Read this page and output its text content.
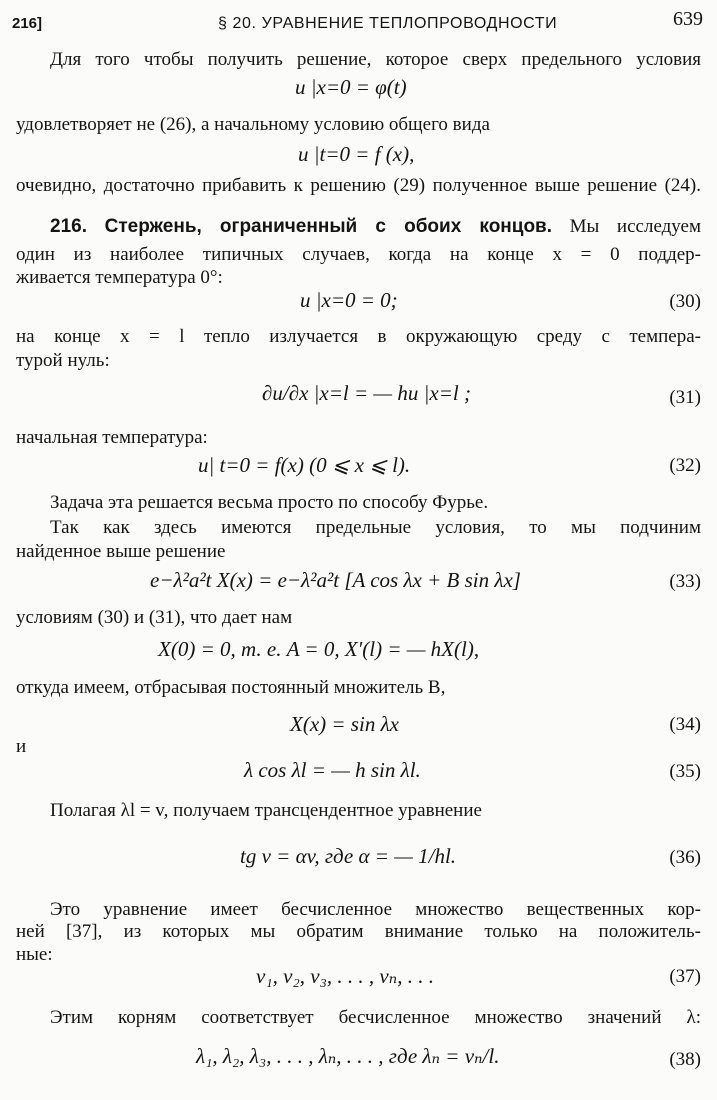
216]	§ 20. УРАВНЕНИЕ ТЕПЛОПРОВОДНОСТИ	639
Для того чтобы получить решение, которое сверх предельного условия
u |x=0 = φ(t)
удовлетворяет не (26), а начальному условию общего вида
u |t=0 = f (x),
очевидно, достаточно прибавить к решению (29) полученное выше решение (24).
216. Стержень, ограниченный с обоих концов. Мы исследуем
один из наиболее типичных случаев, когда на конце x = 0 поддер-
живается температура 0°:
u |x=0 = 0;	(30)
на конце x = l тепло излучается в окружающую среду с темпера-
турой нуль:
∂u/∂x |x=l = — hu |x=l ;	(31)
начальная температура:
u| t=0 = f(x) (0 ⩽ x ⩽ l).	(32)
Задача эта решается весьма просто по способу Фурье.
Так как здесь имеются предельные условия, то мы подчиним
найденное выше решение
e−λ²a²t X(x) = e−λ²a²t [A cos λx + B sin λx]	(33)
условиям (30) и (31), что дает нам
X(0) = 0, т. е. A = 0, X′(l) = — hX(l),
откуда имеем, отбрасывая постоянный множитель B,
X(x) = sin λx	(34)
и
λ cos λl = — h sin λl.	(35)
Полагая λl = v, получаем трансцендентное уравнение
tg v = αv, где α = — 1/hl.	(36)
Это уравнение имеет бесчисленное множество вещественных кор-
ней [37], из которых мы обратим внимание только на положитель-
ные:
v₁, v₂, v₃, . . . , vₙ, . . .	(37)
Этим корням соответствует бесчисленное множество значений λ:
λ₁, λ₂, λ₃, . . . , λₙ, . . . , где λₙ = vₙ/l.	(38)
